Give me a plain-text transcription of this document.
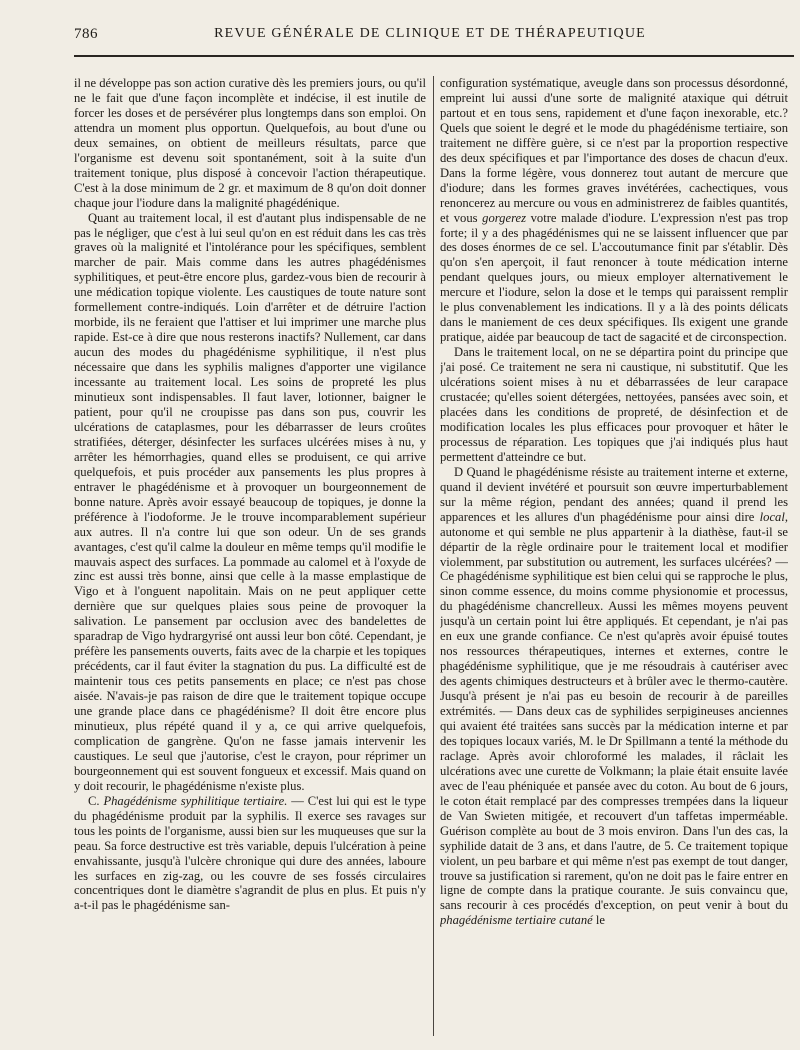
786	REVUE GÉNÉRALE DE CLINIQUE ET DE THÉRAPEUTIQUE

il ne développe pas son action curative dès les premiers jours, ou qu'il ne le fait que d'une façon incomplète et indécise, il est inutile de forcer les doses et de persévérer plus longtemps dans son emploi. On attendra un moment plus opportun. Quelquefois, au bout d'une ou deux semaines, on obtient de meilleurs résultats, parce que l'organisme est devenu soit spontanément, soit à la suite d'un traitement tonique, plus disposé à concevoir l'action thérapeutique. C'est à la dose minimum de 2 gr. et maximum de 8 qu'on doit donner chaque jour l'iodure dans la malignité phagédénique.

Quant au traitement local, il est d'autant plus indispensable de ne pas le négliger, que c'est à lui seul qu'on en est réduit dans les cas très graves où la malignité et l'intolérance pour les spécifiques, semblent marcher de pair. Mais comme dans les autres phagédénismes syphilitiques, et peut-être encore plus, gardez-vous bien de recourir à une médication topique violente. Les caustiques de toute nature sont formellement contre-indiqués. Loin d'arrêter et de détruire l'action morbide, ils ne feraient que l'attiser et lui imprimer une marche plus rapide. Est-ce à dire que nous resterons inactifs? Nullement, car dans aucun des modes du phagédénisme syphilitique, il n'est plus nécessaire que dans les syphilis malignes d'apporter une vigilance incessante au traitement local. Les soins de propreté les plus minutieux sont indispensables. Il faut laver, lotionner, baigner le patient, pour qu'il ne croupisse pas dans son pus, couvrir les ulcérations de cataplasmes, pour les débarrasser de leurs croûtes stratifiées, déterger, désinfecter les surfaces ulcérées mises à nu, y arrêter les hémorrhagies, quand elles se produisent, ce qui arrive quelquefois, et puis procéder aux pansements les plus propres à entraver le phagédénisme et à provoquer un bourgeonnement de bonne nature. Après avoir essayé beaucoup de topiques, je donne la préférence à l'iodoforme. Je le trouve incomparablement supérieur aux autres. Il n'a contre lui que son odeur. Un de ses grands avantages, c'est qu'il calme la douleur en même temps qu'il modifie le mauvais aspect des surfaces. La pommade au calomel et à l'oxyde de zinc est aussi très bonne, ainsi que celle à la masse emplastique de Vigo et à l'onguent napolitain. Mais on ne peut appliquer cette dernière que sur quelques plaies sous peine de provoquer la salivation. Le pansement par occlusion avec des bandelettes de sparadrap de Vigo hydrargyrisé ont aussi leur bon côté. Cependant, je préfère les pansements ouverts, faits avec de la charpie et les topiques précédents, car il faut éviter la stagnation du pus. La difficulté est de maintenir tous ces petits pansements en place; ce n'est pas chose aisée. N'avais-je pas raison de dire que le traitement topique occupe une grande place dans ce phagédénisme? Il doit être encore plus minutieux, plus répété quand il y a, ce qui arrive quelquefois, complication de gangrène. Qu'on ne fasse jamais intervenir les caustiques. Le seul que j'autorise, c'est le crayon, pour réprimer un bourgeonnement qui est souvent fongueux et excessif. Mais quand on y doit recourir, le phagédénisme n'existe plus.

C. Phagédénisme syphilitique tertiaire. — C'est lui qui est le type du phagédénisme produit par la syphilis. Il exerce ses ravages sur tous les points de l'organisme, aussi bien sur les muqueuses que sur la peau. Sa force destructive est très variable, depuis l'ulcération à peine envahissante, jusqu'à l'ulcère chronique qui dure des années, laboure les surfaces en zig-zag, ou les couvre de ses fossés circulaires concentriques dont le diamètre s'agrandit de plus en plus. Et puis n'y a-t-il pas le phagédénisme san-

configuration systématique, aveugle dans son processus désordonné, empreint lui aussi d'une sorte de malignité ataxique qui détruit partout et en tous sens, rapidement et d'une façon inexorable, etc.? Quels que soient le degré et le mode du phagédénisme tertiaire, son traitement ne diffère guère, si ce n'est par la proportion respective des deux spécifiques et par l'importance des doses de chacun d'eux. Dans la forme légère, vous donnerez tout autant de mercure que d'iodure; dans les formes graves invétérées, cachectiques, vous renoncerez au mercure ou vous en administrerez de faibles quantités, et vous gorgerez votre malade d'iodure. L'expression n'est pas trop forte; il y a des phagédénismes qui ne se laissent influencer que par des doses énormes de ce sel. L'accoutumance finit par s'établir. Dès qu'on s'en aperçoit, il faut renoncer à toute médication interne pendant quelques jours, ou mieux employer alternativement le mercure et l'iodure, selon la dose et le temps qui paraissent remplir le plus convenablement les indications. Il y a là des points délicats dans le maniement de ces deux spécifiques. Ils exigent une grande pratique, aidée par beaucoup de tact de sagacité et de circonspection.

Dans le traitement local, on ne se départira point du principe que j'ai posé. Ce traitement ne sera ni caustique, ni substitutif. Que les ulcérations soient mises à nu et débarrassées de leur carapace crustacée; qu'elles soient détergées, nettoyées, pansées avec soin, et placées dans les conditions de propreté, de désinfection et de modification locales les plus efficaces pour provoquer et hâter le processus de réparation. Les topiques que j'ai indiqués plus haut permettent d'atteindre ce but.

D Quand le phagédénisme résiste au traitement interne et externe, quand il devient invétéré et poursuit son œuvre imperturbablement sur la même région, pendant des années; quand il prend les apparences et les allures d'un phagédénisme pour ainsi dire local, autonome et qui semble ne plus appartenir à la diathèse, faut-il se départir de la règle ordinaire pour le traitement local et modifier violemment, par substitution ou autrement, les surfaces ulcérées? — Ce phagédénisme syphilitique est bien celui qui se rapproche le plus, sinon comme essence, du moins comme physionomie et processus, du phagédénisme chancrelleux. Aussi les mêmes moyens peuvent jusqu'à un certain point lui être appliqués. Et cependant, je n'ai pas en eux une grande confiance. Ce n'est qu'après avoir épuisé toutes nos ressources thérapeutiques, internes et externes, contre le phagédénisme syphilitique, que je me résoudrais à cautériser avec des agents chimiques destructeurs et à brûler avec le thermo-cautère. Jusqu'à présent je n'ai pas eu besoin de recourir à de pareilles extrémités. — Dans deux cas de syphilides serpigineuses anciennes qui avaient été traitées sans succès par la médication interne et par des topiques locaux variés, M. le Dr Spillmann a tenté la méthode du raclage. Après avoir chloroformé les malades, il râclait les ulcérations avec une curette de Volkmann; la plaie était ensuite lavée avec de l'eau phéniquée et pansée avec du coton. Au bout de 6 jours, le coton était remplacé par des compresses trempées dans la liqueur de Van Swieten mitigée, et recouvert d'un taffetas imperméable. Guérison complète au bout de 3 mois environ. Dans l'un des cas, la syphilide datait de 3 ans, et dans l'autre, de 5. Ce traitement topique violent, un peu barbare et qui même n'est pas exempt de tout danger, trouve sa justification si rarement, qu'on ne doit pas le faire entrer en ligne de compte dans la pratique courante. Je suis convaincu que, sans recourir à ces procédés d'exception, on peut venir à bout du phagédénisme tertiaire cutané le
